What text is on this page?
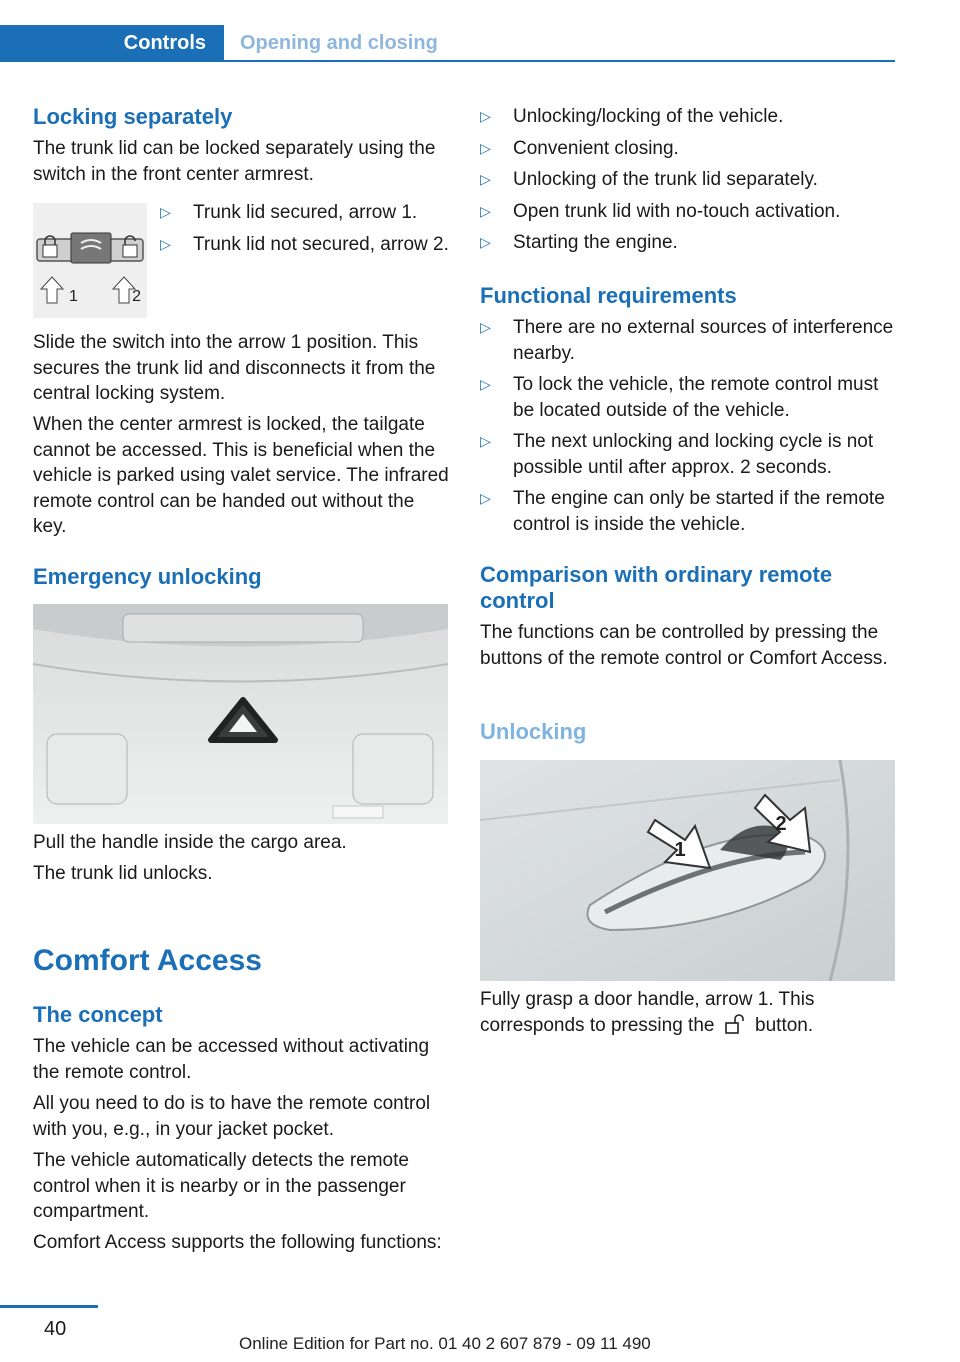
Controls	Opening and closing
Locking separately

The trunk lid can be locked separately using the switch in the front center armrest.

1	2
▷ Trunk lid secured, arrow 1.
▷ Trunk lid not secured, arrow 2.

Slide the switch into the arrow 1 position. This secures the trunk lid and disconnects it from the central locking system.

When the center armrest is locked, the tailgate cannot be accessed. This is beneficial when the vehicle is parked using valet service. The infrared remote control can be handed out without the key.

Emergency unlocking

Pull the handle inside the cargo area.

The trunk lid unlocks.

Comfort Access
The concept

The vehicle can be accessed without activating the remote control.

All you need to do is to have the remote control with you, e.g., in your jacket pocket.

The vehicle automatically detects the remote control when it is nearby or in the passenger compartment.

Comfort Access supports the following functions:

▷ Unlocking/locking of the vehicle.
▷ Convenient closing.
▷ Unlocking of the trunk lid separately.
▷ Open trunk lid with no-touch activation.
▷ Starting the engine.
Functional requirements
▷ There are no external sources of interference nearby.
▷ To lock the vehicle, the remote control must be located outside of the vehicle.
▷ The next unlocking and locking cycle is not possible until after approx. 2 seconds.
▷ The engine can only be started if the remote control is inside the vehicle.
Comparison with ordinary remote control

The functions can be controlled by pressing the buttons of the remote control or Comfort Access.

Unlocking
1
2

Fully grasp a door handle, arrow 1. This corresponds to pressing the button.

40
Online Edition for Part no. 01 40 2 607 879 - 09 11 490
